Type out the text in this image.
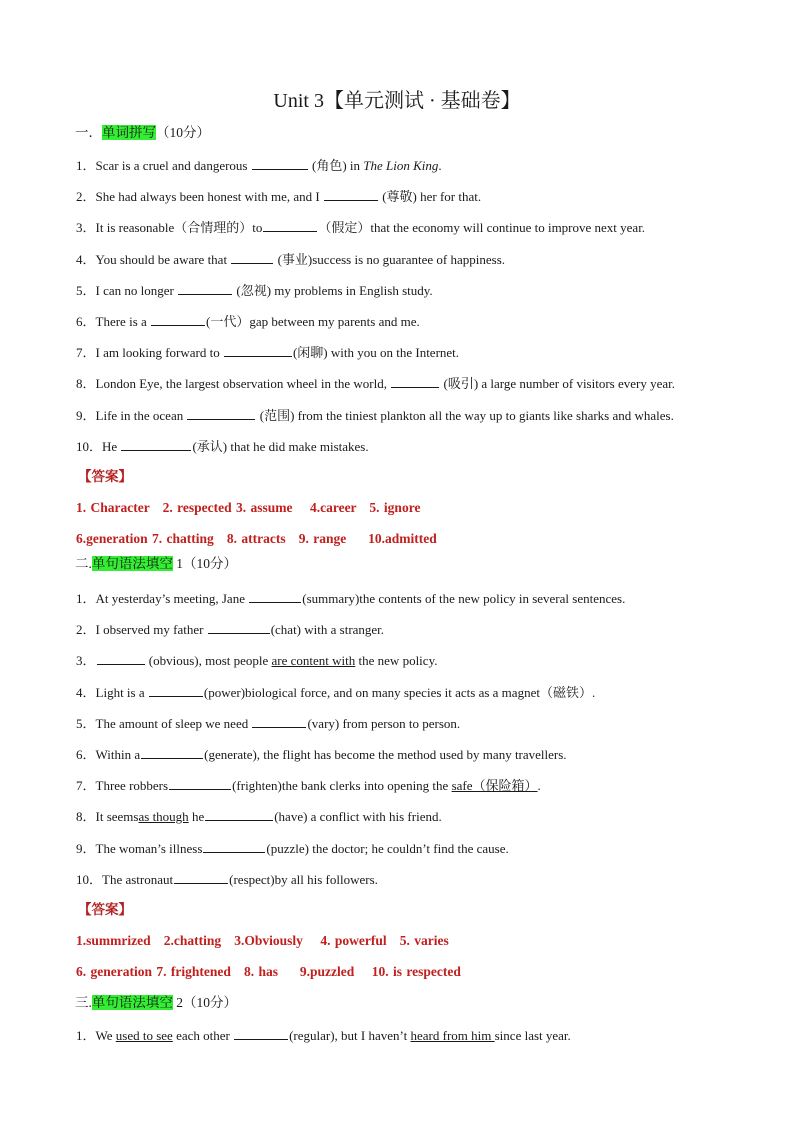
Unit 3【单元测试 · 基础卷】
一．单词拼写（10分）
1．Scar is a cruel and dangerous	(角色) in The Lion King.
2．She had always been honest with me, and I	(尊敬) her for that.
3．It is reasonable（合情理的）to	（假定）that the economy will continue to improve next year.
4．You should be aware that	(事业)success is no guarantee of happiness.
5．I can no longer	(忽视) my problems in English study.
6．There is a	(一代）gap between my parents and me.
7．I am looking forward to	(闲聊) with you on the Internet.
8．London Eye, the largest observation wheel in the world,	(吸引) a large number of visitors every year.
9．Life in the ocean	(范围) from the tiniest plankton all the way up to giants like sharks and whales.
10．He	(承认) that he did make mistakes.
【答案】
1. Character   2. respected 3. assume    4.career   5. ignore
6.generation 7. chatting   8. attracts   9. range     10.admitted
二.单句语法填空 1（10分）
1．At yesterday’s meeting, Jane	(summary)the contents of the new policy in several sentences.
2．I observed my father	(chat) with a stranger.
3．	(obvious), most people are content with the new policy.
4．Light is a	(power)biological force, and on many species it acts as a magnet（磁铁）.
5．The amount of sleep we need	(vary) from person to person.
6．Within a	(generate), the flight has become the method used by many travellers.
7．Three robbers	(frighten)the bank clerks into opening the safe（保险箱）.
8．It seemsas though he	(have) a conflict with his friend.
9．The woman’s illness	(puzzle) the doctor; he couldn’t find the cause.
10．The astronaut	(respect)by all his followers.
【答案】
1.summrized   2.chatting   3.Obviously    4. powerful   5. varies
6. generation 7. frightened   8. has     9.puzzled    10. is respected
三.单句语法填空 2（10分）
1．We used to see each other	(regular), but I haven’t heard from him since last year.
